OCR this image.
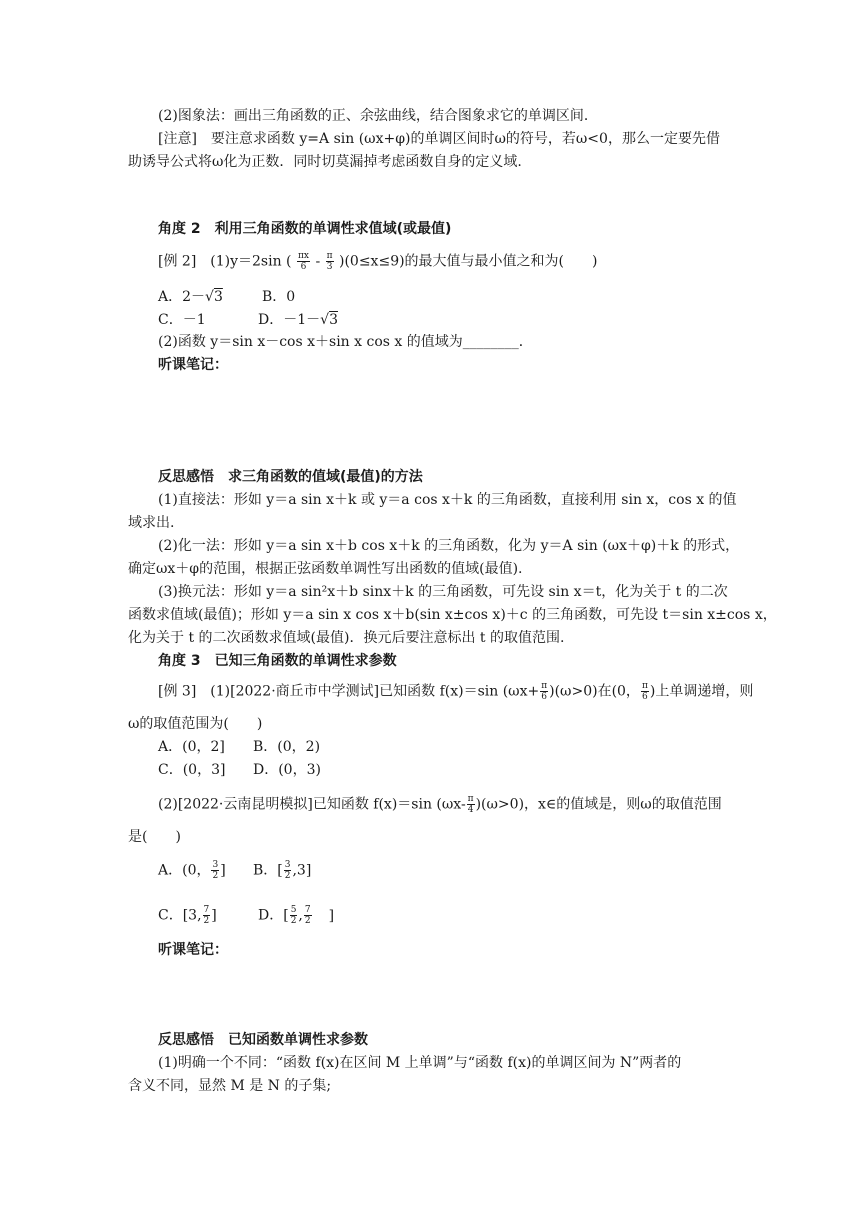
(2)图象法：画出三角函数的正、余弦曲线，结合图象求它的单调区间．
[注意]　要注意求函数 y=A sin (ωx+φ)的单调区间时ω的符号，若ω<0，那么一定要先借
助诱导公式将ω化为正数．同时切莫漏掉考虑函数自身的定义域.
角度 2　利用三角函数的单调性求值域(或最值)
[例 2]　(1)y＝2sin ( $\frac{\pi x}{6} - \frac{\pi}{3} )(0\le x\le 9)$的最大值与最小值之和为(　　)
A．2－√3	B．0
C．－1	D．－1－√3
(2)函数 y＝sin x－cos x＋sin x cos x 的值域为________．
听课笔记：
反思感悟　求三角函数的值域(最值)的方法
(1)直接法：形如 y＝a sin x＋k 或 y＝a cos x＋k 的三角函数，直接利用 sin x，cos x 的值
域求出.
(2)化一法：形如 y＝a sin x＋b cos x＋k 的三角函数，化为 y＝A sin (ωx＋φ)＋k 的形式，
确定ωx＋φ的范围，根据正弦函数单调性写出函数的值域(最值).
(3)换元法：形如 y＝a sin²x＋b sinx＋k 的三角函数，可先设 sin x＝t，化为关于 t 的二次
函数求值域(最值)；形如 y＝a sin x cos x＋b(sin x±cos x)＋c 的三角函数，可先设 t＝sin x±cos x，
化为关于 t 的二次函数求值域(最值)．换元后要注意标出 t 的取值范围.
角度 3　已知三角函数的单调性求参数
[例 3]　(1)[2022·商丘市中学测试]已知函数 f(x)＝sin $(\omega x+ \frac{\pi}{6} )(\omega>0)$在(0， $\frac{\pi}{6}$ )上单调递增，则
ω的取值范围为(　　)
A．(0，2] B．(0，2)
C．(0，3] D．(0，3)
(2)[2022·云南昆明模拟]已知函数 f(x)＝sin $(\omega x- \frac{\pi}{4} )(\omega>0)$，x∈的值域是，则ω的取值范围
是(　　)
A．(0， $\frac{3}{2}$ ] B．[ $\frac{3}{2} ,3$]
C．[3, $\frac{7}{2}$ ]	D．[ $\frac{5}{2}$ , $\frac{7}{2}$ ]
听课笔记：
反思感悟　已知函数单调性求参数
(1)明确一个不同：“函数 f(x)在区间 M 上单调”与“函数 f(x)的单调区间为 N”两者的
含义不同，显然 M 是 N 的子集;
